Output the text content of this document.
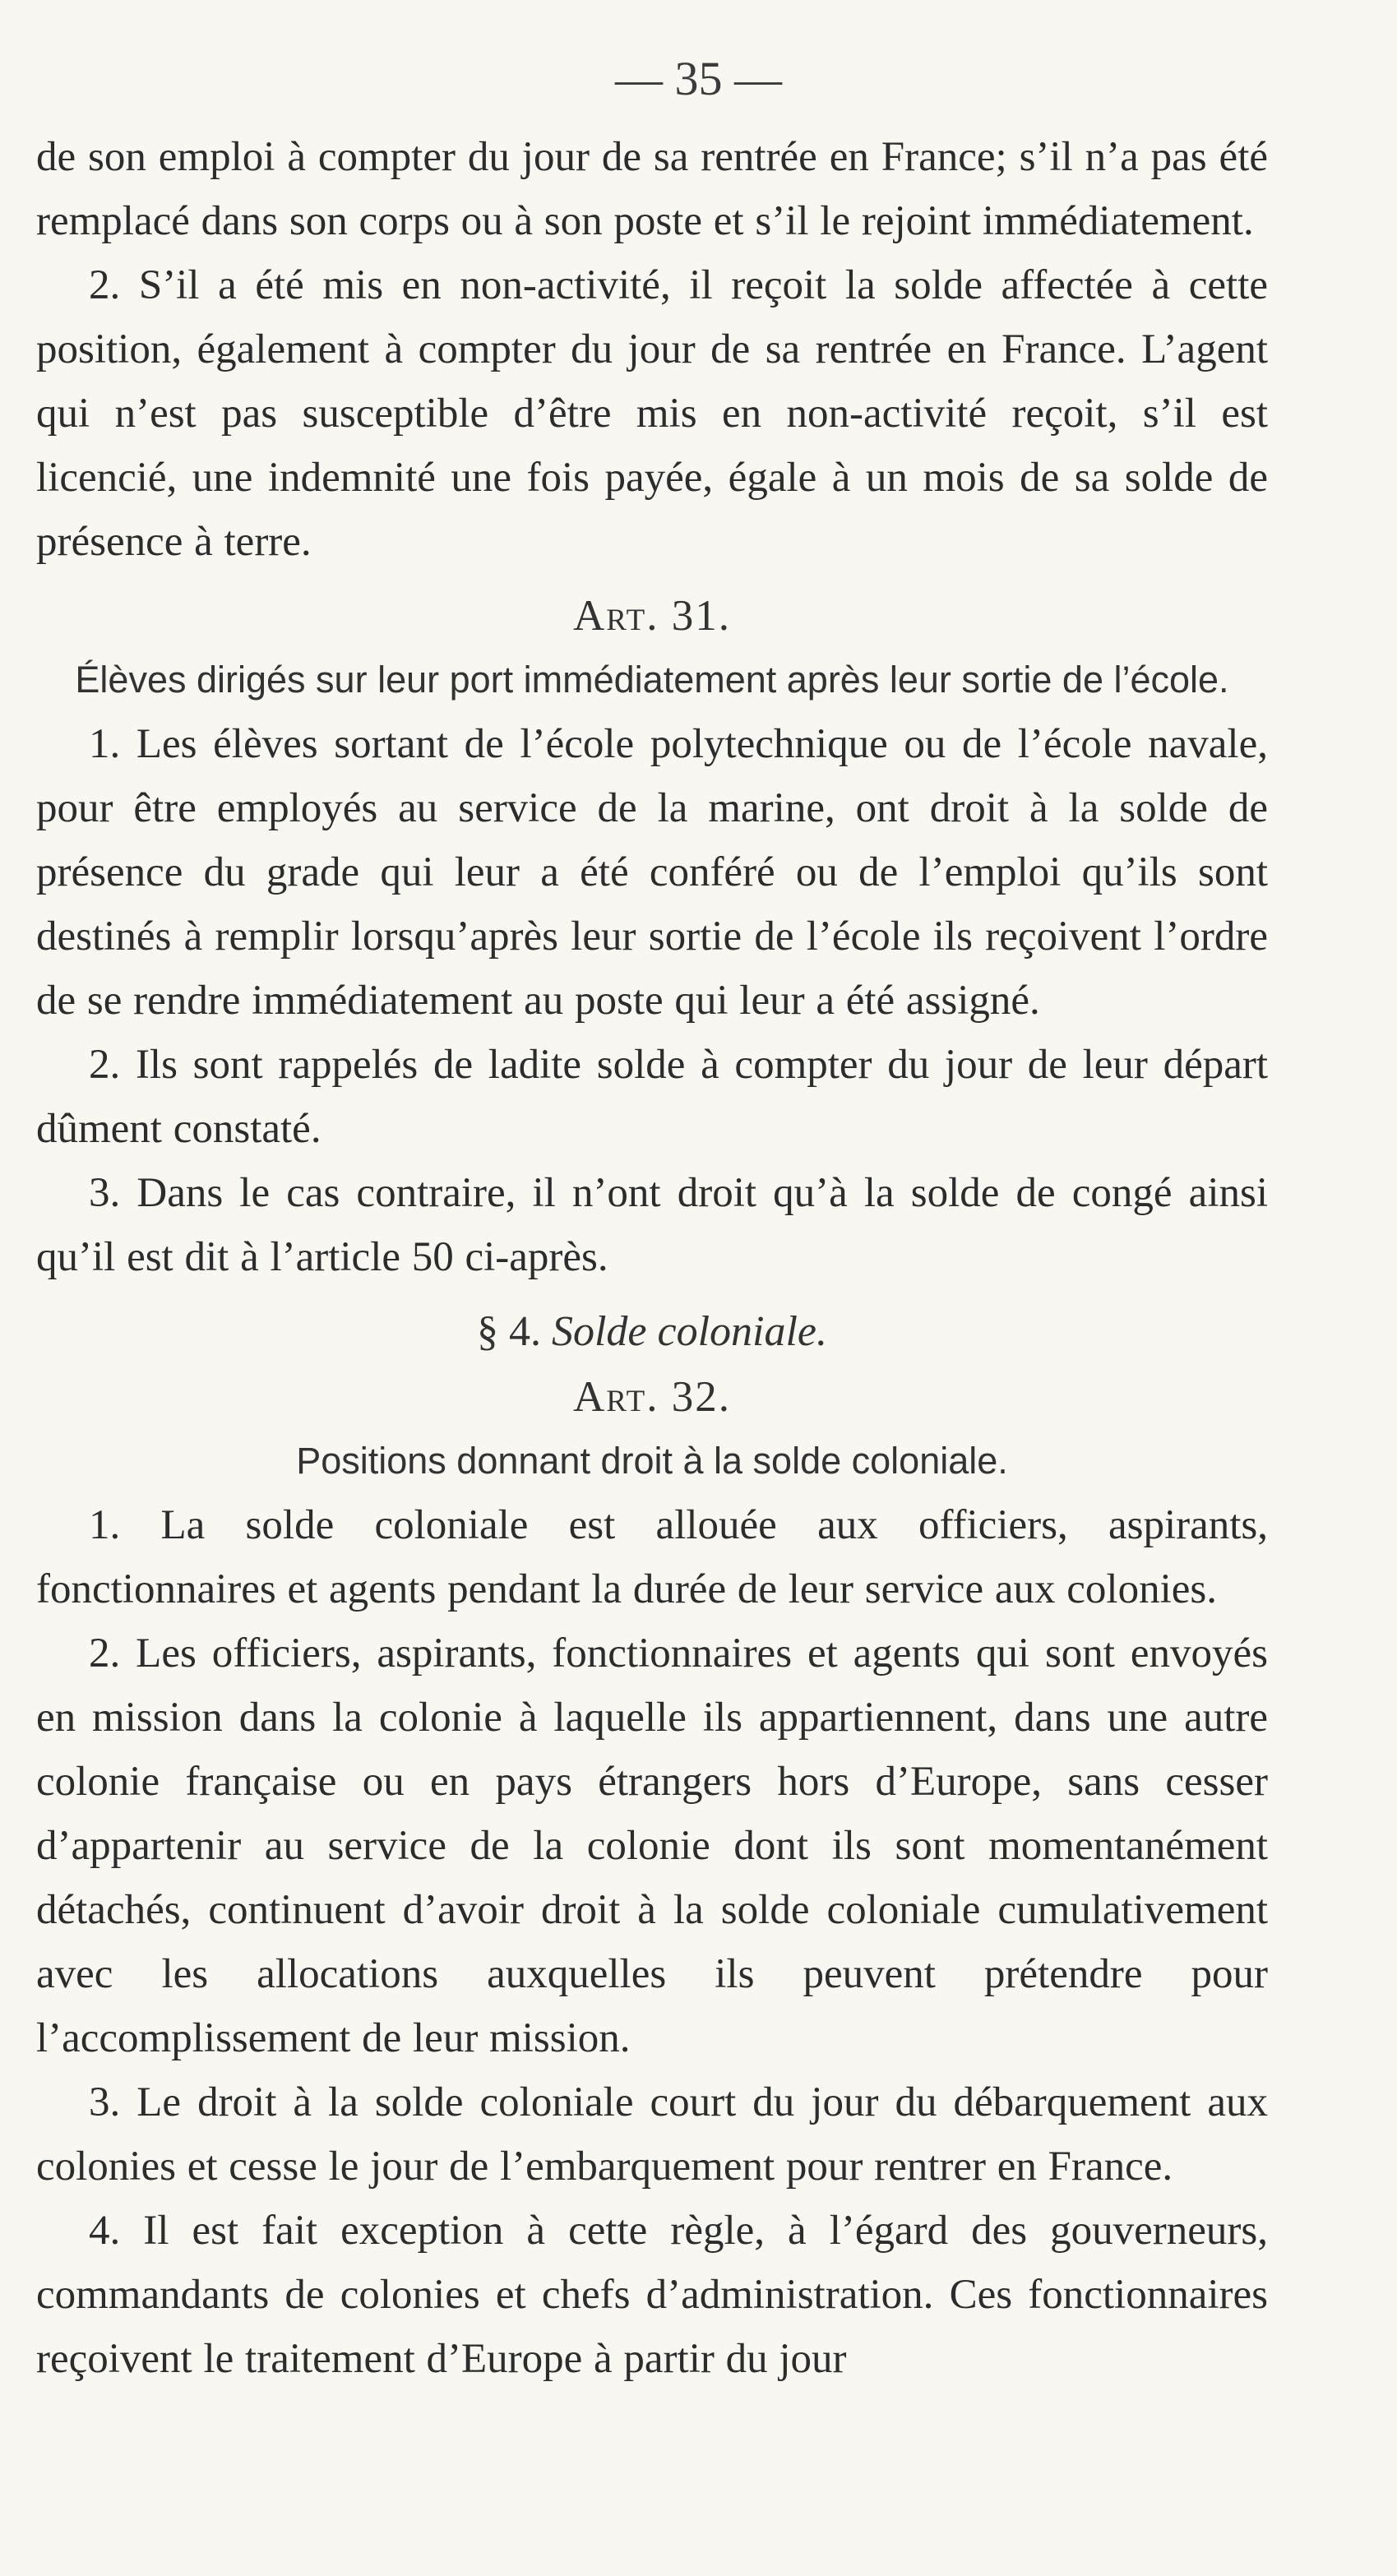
— 35 —

de son emploi à compter du jour de sa rentrée en France; s’il n’a pas été remplacé dans son corps ou à son poste et s’il le rejoint immédiatement.

2. S’il a été mis en non-activité, il reçoit la solde affectée à cette position, également à compter du jour de sa rentrée en France. L’agent qui n’est pas susceptible d’être mis en non-activité reçoit, s’il est licencié, une indemnité une fois payée, égale à un mois de sa solde de présence à terre.

Art. 31.

Élèves dirigés sur leur port immédiatement après leur sortie de l’école.

1. Les élèves sortant de l’école polytechnique ou de l’école navale, pour être employés au service de la marine, ont droit à la solde de présence du grade qui leur a été conféré ou de l’emploi qu’ils sont destinés à remplir lorsqu’après leur sortie de l’école ils reçoivent l’ordre de se rendre immédiatement au poste qui leur a été assigné.

2. Ils sont rappelés de ladite solde à compter du jour de leur départ dûment constaté.

3. Dans le cas contraire, il n’ont droit qu’à la solde de congé ainsi qu’il est dit à l’article 50 ci-après.

§ 4. Solde coloniale.

Art. 32.

Positions donnant droit à la solde coloniale.

1. La solde coloniale est allouée aux officiers, aspirants, fonctionnaires et agents pendant la durée de leur service aux colonies.

2. Les officiers, aspirants, fonctionnaires et agents qui sont envoyés en mission dans la colonie à laquelle ils appartiennent, dans une autre colonie française ou en pays étrangers hors d’Europe, sans cesser d’appartenir au service de la colonie dont ils sont momentanément détachés, continuent d’avoir droit à la solde coloniale cumulativement avec les allocations auxquelles ils peuvent prétendre pour l’accomplissement de leur mission.

3. Le droit à la solde coloniale court du jour du débarquement aux colonies et cesse le jour de l’embarquement pour rentrer en France.

4. Il est fait exception à cette règle, à l’égard des gouverneurs, commandants de colonies et chefs d’administration. Ces fonctionnaires reçoivent le traitement d’Europe à partir du jour
